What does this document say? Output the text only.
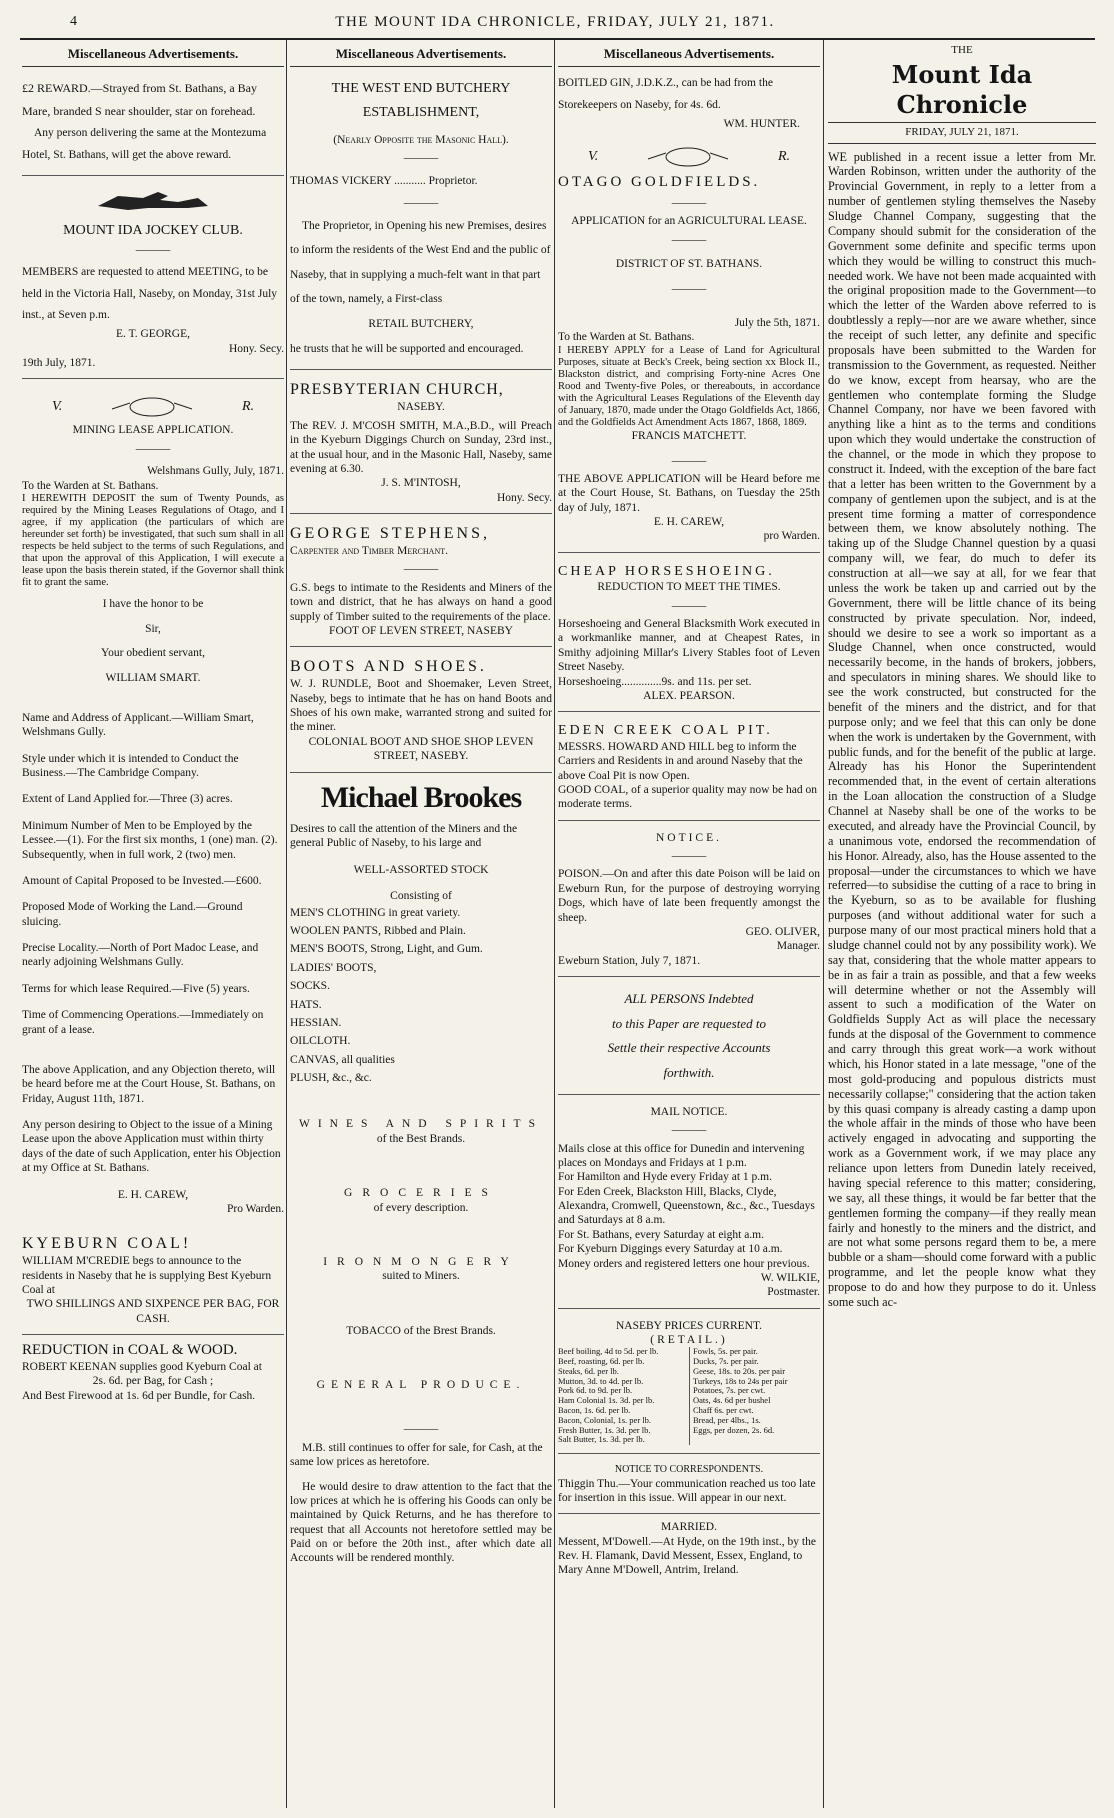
4	THE MOUNT IDA CHRONICLE, FRIDAY, JULY 21, 1871.
Miscellaneous Advertisements.
£2 REWARD.—Strayed from St. Bathans, a Bay Mare, branded S near shoulder, star on forehead.
Any person delivering the same at the Montezuma Hotel, St. Bathans, will get the above reward.
MOUNT IDA JOCKEY CLUB.
———
MEMBERS are requested to attend MEETING, to be held in the Victoria Hall, Naseby, on Monday, 31st July inst., at Seven p.m.
E. T. GEORGE,
Hony. Secy.
19th July, 1871.
V.	R.
MINING LEASE APPLICATION.
———
Welshmans Gully, July, 1871.
To the Warden at St. Bathans.
I HEREWITH DEPOSIT the sum of Twenty Pounds, as required by the Mining Leases Regulations of Otago, and I agree, if my application (the particulars of which are hereunder set forth) be investigated, that such sum shall in all respects be held subject to the terms of such Regulations, and that upon the approval of this Application, I will execute a lease upon the basis therein stated, if the Governor shall think fit to grant the same.
I have the honor to be
Sir,
Your obedient servant,
WILLIAM SMART.
Name and Address of Applicant.—William Smart, Welshmans Gully.
Style under which it is intended to Conduct the Business.—The Cambridge Company.
Extent of Land Applied for.—Three (3) acres.
Minimum Number of Men to be Employed by the Lessee.—(1). For the first six months, 1 (one) man. (2). Subsequently, when in full work, 2 (two) men.
Amount of Capital Proposed to be Invested.—£600.
Proposed Mode of Working the Land.—Ground sluicing.
Precise Locality.—North of Port Madoc Lease, and nearly adjoining Welshmans Gully.
Terms for which lease Required.—Five (5) years.
Time of Commencing Operations.—Immediately on grant of a lease.
The above Application, and any Objection thereto, will be heard before me at the Court House, St. Bathans, on Friday, August 11th, 1871.
Any person desiring to Object to the issue of a Mining Lease upon the above Application must within thirty days of the date of such Application, enter his Objection at my Office at St. Bathans.
E. H. CAREW,
Pro Warden.
KYEBURN COAL!
WILLIAM M'CREDIE begs to announce to the residents in Naseby that he is supplying Best Kyeburn Coal at
TWO SHILLINGS AND SIXPENCE PER BAG, FOR CASH.
REDUCTION in COAL & WOOD.
ROBERT KEENAN supplies good Kyeburn Coal at
2s. 6d. per Bag, for Cash ;
And Best Firewood at 1s. 6d per Bundle, for Cash.
Miscellaneous Advertisements.
THE WEST END BUTCHERY ESTABLISHMENT,
(Nearly Opposite the Masonic Hall).
———
THOMAS VICKERY ........... Proprietor.
———
The Proprietor, in Opening his new Premises, desires to inform the residents of the West End and the public of Naseby, that in supplying a much-felt want in that part of the town, namely, a First-class
RETAIL BUTCHERY,
he trusts that he will be supported and encouraged.
PRESBYTERIAN CHURCH,
NASEBY.
The REV. J. M'COSH SMITH, M.A.,B.D., will Preach in the Kyeburn Diggings Church on Sunday, 23rd inst., at the usual hour, and in the Masonic Hall, Naseby, same evening at 6.30.
J. S. M'INTOSH,
Hony. Secy.
GEORGE STEPHENS,
Carpenter and Timber Merchant.
———
G.S. begs to intimate to the Residents and Miners of the town and district, that he has always on hand a good supply of Timber suited to the requirements of the place.
FOOT OF LEVEN STREET, NASEBY
BOOTS AND SHOES.
W. J. RUNDLE, Boot and Shoemaker, Leven Street, Naseby, begs to intimate that he has on hand Boots and Shoes of his own make, warranted strong and suited for the miner.
COLONIAL BOOT AND SHOE SHOP LEVEN STREET, NASEBY.
Michael Brookes
Desires to call the attention of the Miners and the general Public of Naseby, to his large and
WELL-ASSORTED STOCK
Consisting of
MEN'S CLOTHING in great variety.
WOOLEN PANTS, Ribbed and Plain.
MEN'S BOOTS, Strong, Light, and Gum.
LADIES' BOOTS,
SOCKS.
HATS.
HESSIAN.
OILCLOTH.
CANVAS, all qualities
PLUSH, &c., &c.
WINES AND SPIRITS
of the Best Brands.
GROCERIES
of every description.
IRONMONGERY
suited to Miners.
TOBACCO of the Brest Brands.
GENERAL PRODUCE.
———
M.B. still continues to offer for sale, for Cash, at the same low prices as heretofore.
He would desire to draw attention to the fact that the low prices at which he is offering his Goods can only be maintained by Quick Returns, and he has therefore to request that all Accounts not heretofore settled may be Paid on or before the 20th inst., after which date all Accounts will be rendered monthly.
Miscellaneous Advertisements.
BOITLED GIN, J.D.K.Z., can be had from the Storekeepers on Naseby, for 4s. 6d.
WM. HUNTER.
V.	R.
OTAGO GOLDFIELDS.
———
APPLICATION for an AGRICULTURAL LEASE.
———
DISTRICT OF ST. BATHANS.
———
July the 5th, 1871.
To the Warden at St. Bathans.
I HEREBY APPLY for a Lease of Land for Agricultural Purposes, situate at Beck's Creek, being section xx Block II., Blackston district, and comprising Forty-nine Acres One Rood and Twenty-five Poles, or thereabouts, in accordance with the Agricultural Leases Regulations of the Eleventh day of January, 1870, made under the Otago Goldfields Act, 1866, and the Goldfields Act Amendment Acts 1867, 1868, 1869.
FRANCIS MATCHETT.
———
THE ABOVE APPLICATION will be Heard before me at the Court House, St. Bathans, on Tuesday the 25th day of July, 1871.
E. H. CAREW,
pro Warden.
CHEAP HORSESHOEING.
REDUCTION TO MEET THE TIMES.
———
Horseshoeing and General Blacksmith Work executed in a workmanlike manner, and at Cheapest Rates, in Smithy adjoining Millar's Livery Stables foot of Leven Street Naseby.
Horseshoeing..............9s. and 11s. per set.
ALEX. PEARSON.
EDEN CREEK COAL PIT.
MESSRS. HOWARD AND HILL beg to inform the Carriers and Residents in and around Naseby that the above Coal Pit is now Open.
GOOD COAL, of a superior quality may now be had on moderate terms.
NOTICE.
———
POISON.—On and after this date Poison will be laid on Eweburn Run, for the purpose of destroying worrying Dogs, which have of late been frequently amongst the sheep.
GEO. OLIVER,
Manager.
Eweburn Station, July 7, 1871.
ALL PERSONS Indebted
to this Paper are requested to
Settle their respective Accounts
forthwith.
MAIL NOTICE.
———
Mails close at this office for Dunedin and intervening places on Mondays and Fridays at 1 p.m.
For Hamilton and Hyde every Friday at 1 p.m.
For Eden Creek, Blackston Hill, Blacks, Clyde, Alexandra, Cromwell, Queenstown, &c., &c., Tuesdays and Saturdays at 8 a.m.
For St. Bathans, every Saturday at eight a.m.
For Kyeburn Diggings every Saturday at 10 a.m.
Money orders and registered letters one hour previous.
W. WILKIE,
Postmaster.
NASEBY PRICES CURRENT.
(RETAIL.)
Beef boiling, 4d to 5d. per lb.
Beef, roasting, 6d. per lb.
Steaks, 6d. per lb.
Mutton, 3d. to 4d. per lb.
Pork 6d. to 9d. per lb.
Ham Colonial 1s. 3d. per lb.
Bacon, 1s. 6d. per lb.
Bacon, Colonial, 1s. per lb.
Fresh Butter, 1s. 3d. per lb.
Salt Butter, 1s. 3d. per lb.
Fowls, 5s. per pair.
Ducks, 7s. per pair.
Geese, 18s. to 20s. per pair
Turkeys, 18s to 24s per pair
Potatoes, 7s. per cwt.
Oats, 4s. 6d per bushel
Chaff 6s. per cwt.
Bread, per 4lbs., 1s.
Eggs, per dozen, 2s. 6d.
NOTICE TO CORRESPONDENTS.
Thiggin Thu.—Your communication reached us too late for insertion in this issue. Will appear in our next.
MARRIED.
Messent, M'Dowell.—At Hyde, on the 19th inst., by the Rev. H. Flamank, David Messent, Essex, England, to Mary Anne M'Dowell, Antrim, Ireland.
THE
Mount Ida Chronicle
FRIDAY, JULY 21, 1871.
WE published in a recent issue a letter from Mr. Warden Robinson, written under the authority of the Provincial Government, in reply to a letter from a number of gentlemen styling themselves the Naseby Sludge Channel Company, suggesting that the Company should submit for the consideration of the Government some definite and specific terms upon which they would be willing to construct this much-needed work. We have not been made acquainted with the original proposition made to the Government—to which the letter of the Warden above referred to is doubtlessly a reply—nor are we aware whether, since the receipt of such letter, any definite and specific proposals have been submitted to the Warden for transmission to the Government, as requested. Neither do we know, except from hearsay, who are the gentlemen who contemplate forming the Sludge Channel Company, nor have we been favored with anything like a hint as to the terms and conditions upon which they would undertake the construction of the channel, or the mode in which they propose to construct it. Indeed, with the exception of the bare fact that a letter has been written to the Government by a company of gentlemen upon the subject, and is at the present time forming a matter of correspondence between them, we know absolutely nothing. The taking up of the Sludge Channel question by a quasi company will, we fear, do much to defer its construction at all—we say at all, for we fear that unless the work be taken up and carried out by the Government, there will be little chance of its being constructed by private speculation. Nor, indeed, should we desire to see a work so important as a Sludge Channel, when once constructed, would necessarily become, in the hands of brokers, jobbers, and speculators in mining shares. We should like to see the work constructed, but constructed for the benefit of the miners and the district, and for that purpose only; and we feel that this can only be done when the work is undertaken by the Government, with public funds, and for the benefit of the public at large. Already has his Honor the Superintendent recommended that, in the event of certain alterations in the Loan allocation the construction of a Sludge Channel at Naseby shall be one of the works to be executed, and already have the Provincial Council, by a unanimous vote, endorsed the recommendation of his Honor. Already, also, has the House assented to the proposal—under the circumstances to which we have referred—to subsidise the cutting of a race to bring in the Kyeburn, so as to be available for flushing purposes (and without additional water for such a purpose many of our most practical miners hold that a sludge channel could not by any possibility work). We say that, considering that the whole matter appears to be in as fair a train as possible, and that a few weeks will determine whether or not the Assembly will assent to such a modification of the Water on Goldfields Supply Act as will place the necessary funds at the disposal of the Government to commence and carry through this great work—a work without which, his Honor stated in a late message, "one of the most gold-producing and populous districts must necessarily collapse;" considering that the action taken by this quasi company is already casting a damp upon the whole affair in the minds of those who have been actively engaged in advocating and supporting the work as a Government work, if we may place any reliance upon letters from Dunedin lately received, having special reference to this matter; considering, we say, all these things, it would be far better that the gentlemen forming the company—if they really mean fairly and honestly to the miners and the district, and are not what some persons regard them to be, a mere bubble or a sham—should come forward with a public programme, and let the people know what they propose to do and how they purpose to do it. Unless some such ac-
